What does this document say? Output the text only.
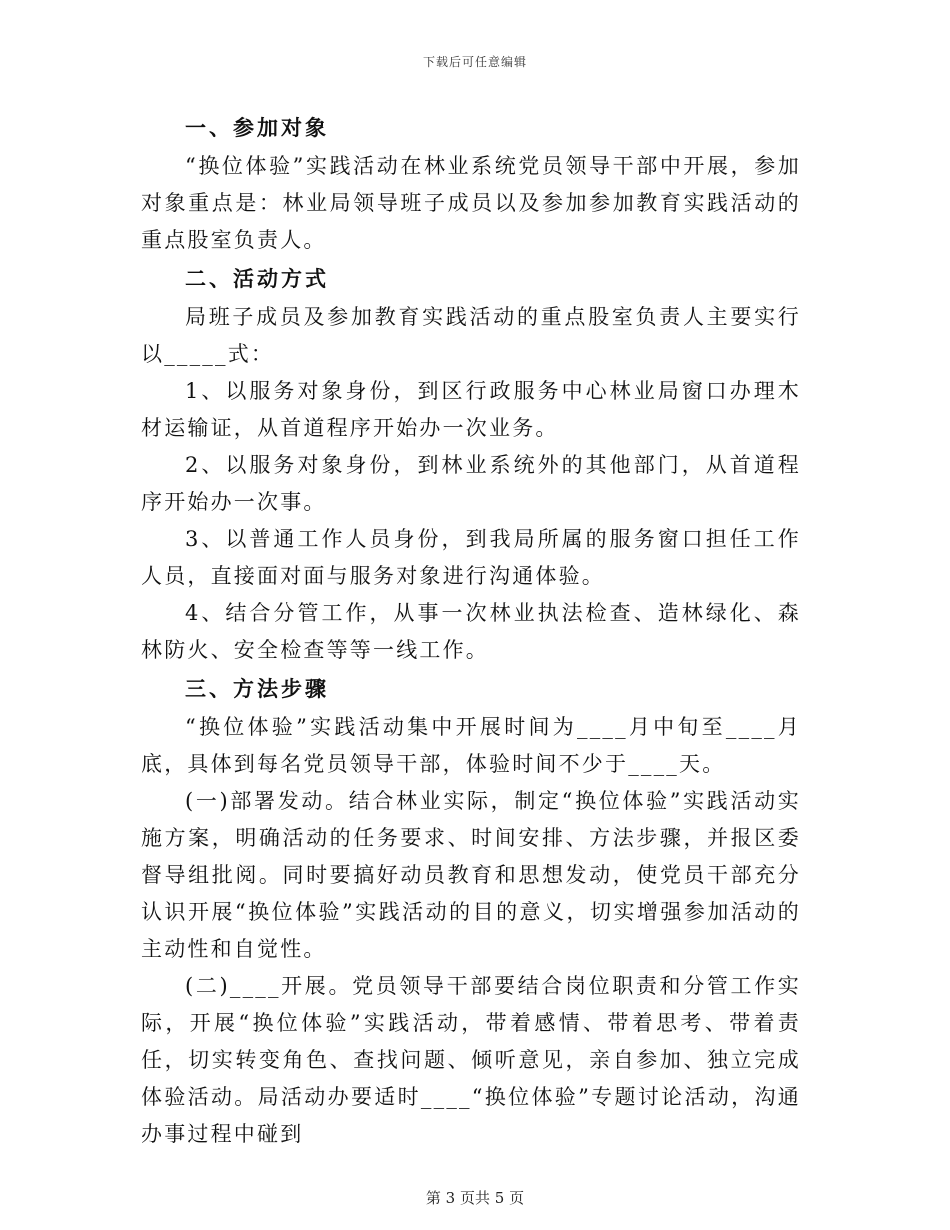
下载后可任意编辑
一、参加对象

“换位体验”实践活动在林业系统党员领导干部中开展，参加对象重点是：林业局领导班子成员以及参加参加教育实践活动的重点股室负责人。

二、活动方式

局班子成员及参加教育实践活动的重点股室负责人主要实行以_____式：

1、以服务对象身份，到区行政服务中心林业局窗口办理木材运输证，从首道程序开始办一次业务。

2、以服务对象身份，到林业系统外的其他部门，从首道程序开始办一次事。

3、以普通工作人员身份，到我局所属的服务窗口担任工作人员，直接面对面与服务对象进行沟通体验。

4、结合分管工作，从事一次林业执法检查、造林绿化、森林防火、安全检查等等一线工作。

三、方法步骤

“换位体验”实践活动集中开展时间为____月中旬至____月底，具体到每名党员领导干部，体验时间不少于____天。

(一)部署发动。结合林业实际，制定“换位体验”实践活动实施方案，明确活动的任务要求、时间安排、方法步骤，并报区委督导组批阅。同时要搞好动员教育和思想发动，使党员干部充分认识开展“换位体验”实践活动的目的意义，切实增强参加活动的主动性和自觉性。

(二)____开展。党员领导干部要结合岗位职责和分管工作实际，开展“换位体验”实践活动，带着感情、带着思考、带着责任，切实转变角色、查找问题、倾听意见，亲自参加、独立完成体验活动。局活动办要适时____“换位体验”专题讨论活动，沟通办事过程中碰到

第 3 页共 5 页
